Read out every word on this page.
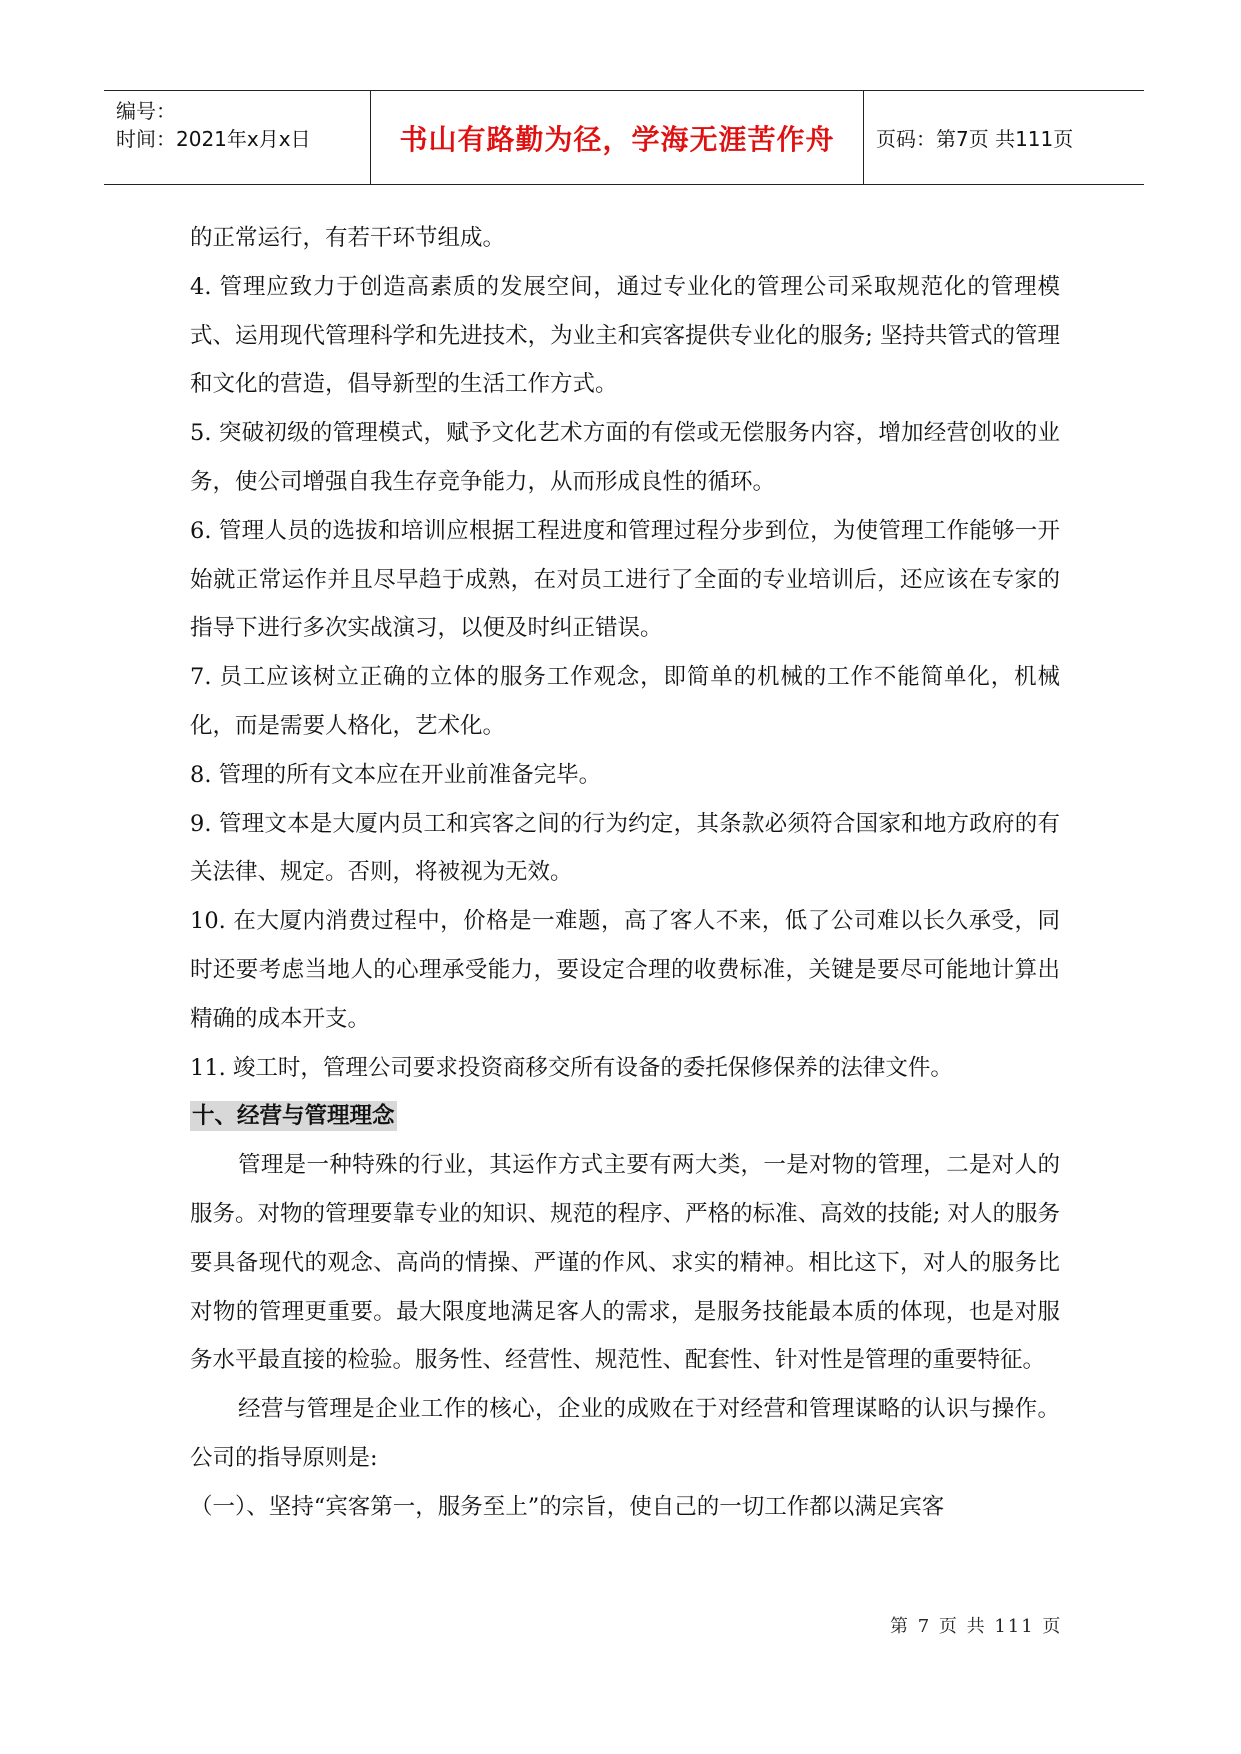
编号：
时间：2021年x月x日	书山有路勤为径，学海无涯苦作舟 页码：第7页 共111页

的正常运行，有若干环节组成。

4. 管理应致力于创造高素质的发展空间，通过专业化的管理公司采取规范化的管理模式、运用现代管理科学和先进技术，为业主和宾客提供专业化的服务; 坚持共管式的管理和文化的营造，倡导新型的生活工作方式。

5. 突破初级的管理模式，赋予文化艺术方面的有偿或无偿服务内容，增加经营创收的业务，使公司增强自我生存竞争能力，从而形成良性的循环。

6. 管理人员的选拔和培训应根据工程进度和管理过程分步到位，为使管理工作能够一开始就正常运作并且尽早趋于成熟，在对员工进行了全面的专业培训后，还应该在专家的指导下进行多次实战演习，以便及时纠正错误。

7. 员工应该树立正确的立体的服务工作观念，即简单的机械的工作不能简单化，机械化，而是需要人格化，艺术化。

8. 管理的所有文本应在开业前准备完毕。

9. 管理文本是大厦内员工和宾客之间的行为约定，其条款必须符合国家和地方政府的有关法律、规定。否则，将被视为无效。

10. 在大厦内消费过程中，价格是一难题，高了客人不来，低了公司难以长久承受，同时还要考虑当地人的心理承受能力，要设定合理的收费标准，关键是要尽可能地计算出精确的成本开支。

11. 竣工时，管理公司要求投资商移交所有设备的委托保修保养的法律文件。

十、经营与管理理念

管理是一种特殊的行业，其运作方式主要有两大类，一是对物的管理，二是对人的服务。对物的管理要靠专业的知识、规范的程序、严格的标准、高效的技能; 对人的服务要具备现代的观念、高尚的情操、严谨的作风、求实的精神。相比这下，对人的服务比对物的管理更重要。最大限度地满足客人的需求，是服务技能最本质的体现，也是对服务水平最直接的检验。服务性、经营性、规范性、配套性、针对性是管理的重要特征。

经营与管理是企业工作的核心，企业的成败在于对经营和管理谋略的认识与操作。公司的指导原则是:

（一）、坚持“宾客第一，服务至上”的宗旨，使自己的一切工作都以满足宾客

第 7 页 共 111 页
